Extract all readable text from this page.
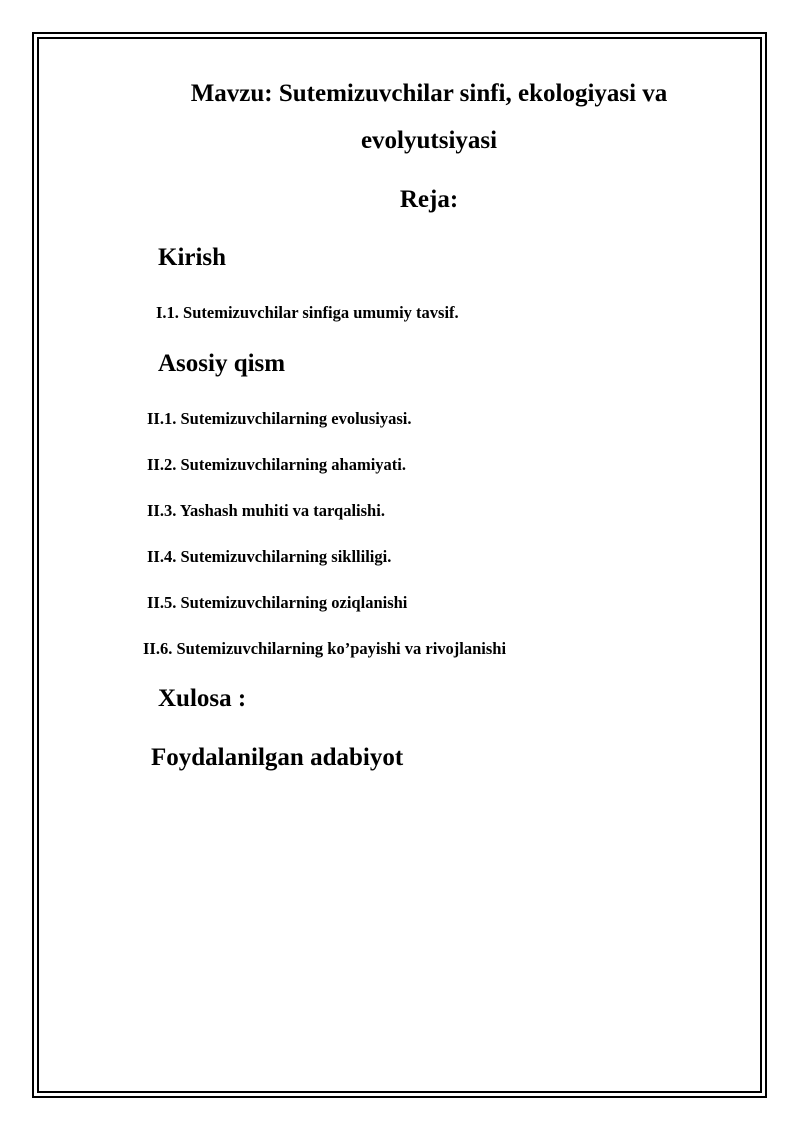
Mavzu: Sutemizuvchilar sinfi, ekologiyasi va
evolyutsiyasi
Reja:
Kirish
I.1. Sutemizuvchilar sinfiga umumiy tavsif.
Asosiy qism
II.1. Sutemizuvchilarning evolusiyasi.
II.2. Sutemizuvchilarning ahamiyati.
II.3. Yashash muhiti va tarqalishi.
II.4. Sutemizuvchilarning siklliligi.
II.5. Sutemizuvchilarning oziqlanishi
II.6. Sutemizuvchilarning ko’payishi va rivojlanishi
Xulosa :
Foydalanilgan adabiyot
